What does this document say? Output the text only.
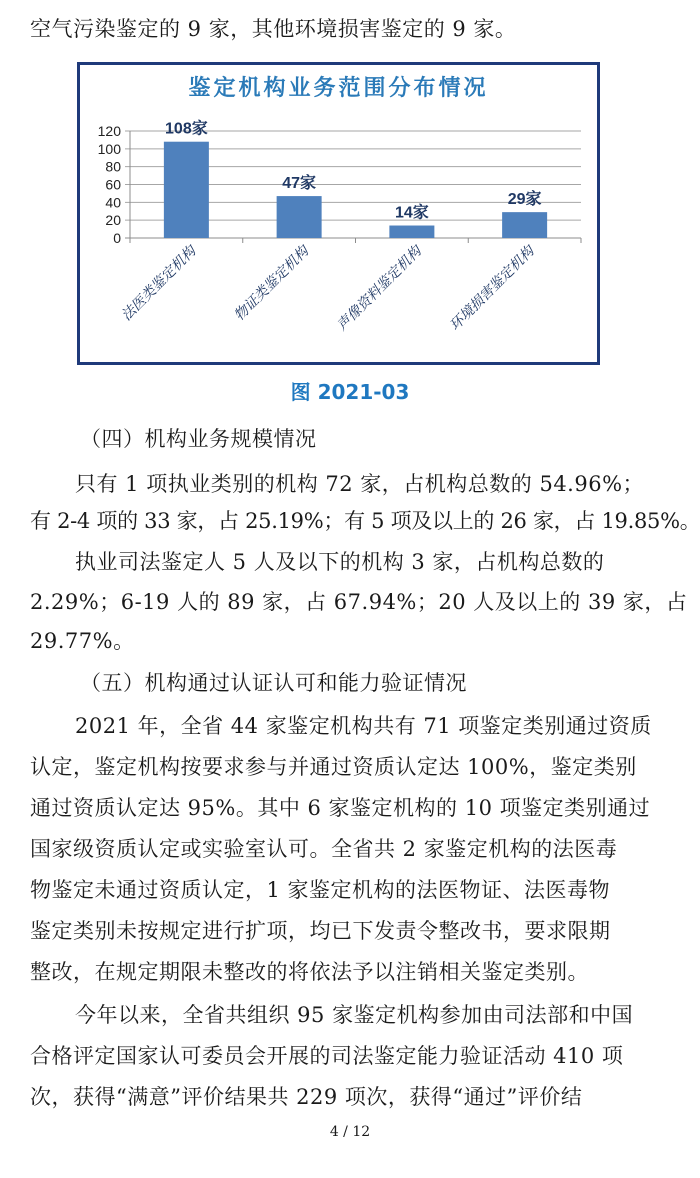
空气污染鉴定的 9 家，其他环境损害鉴定的 9 家。
鉴定机构业务范围分布情况
0
20
40
60
80
100
120	108家
法医类鉴定机构
47家
物证类鉴定机构
14家
声像资料鉴定机构
29家
环境损害鉴定机构
图 2021-03
（四）机构业务规模情况
只有 1 项执业类别的机构 72 家，占机构总数的 54.96%；
有 2-4 项的 33 家，占 25.19%；有 5 项及以上的 26 家，占 19.85%。
执业司法鉴定人 5 人及以下的机构 3 家，占机构总数的
2.29%；6-19 人的 89 家，占 67.94%；20 人及以上的 39 家，占
29.77%。
（五）机构通过认证认可和能力验证情况
2021 年，全省 44 家鉴定机构共有 71 项鉴定类别通过资质
认定，鉴定机构按要求参与并通过资质认定达 100%，鉴定类别
通过资质认定达 95%。其中 6 家鉴定机构的 10 项鉴定类别通过
国家级资质认定或实验室认可。全省共 2 家鉴定机构的法医毒
物鉴定未通过资质认定，1 家鉴定机构的法医物证、法医毒物
鉴定类别未按规定进行扩项，均已下发责令整改书，要求限期
整改，在规定期限未整改的将依法予以注销相关鉴定类别。
今年以来，全省共组织 95 家鉴定机构参加由司法部和中国
合格评定国家认可委员会开展的司法鉴定能力验证活动 410 项
次，获得“满意”评价结果共 229 项次，获得“通过”评价结
4 / 12
